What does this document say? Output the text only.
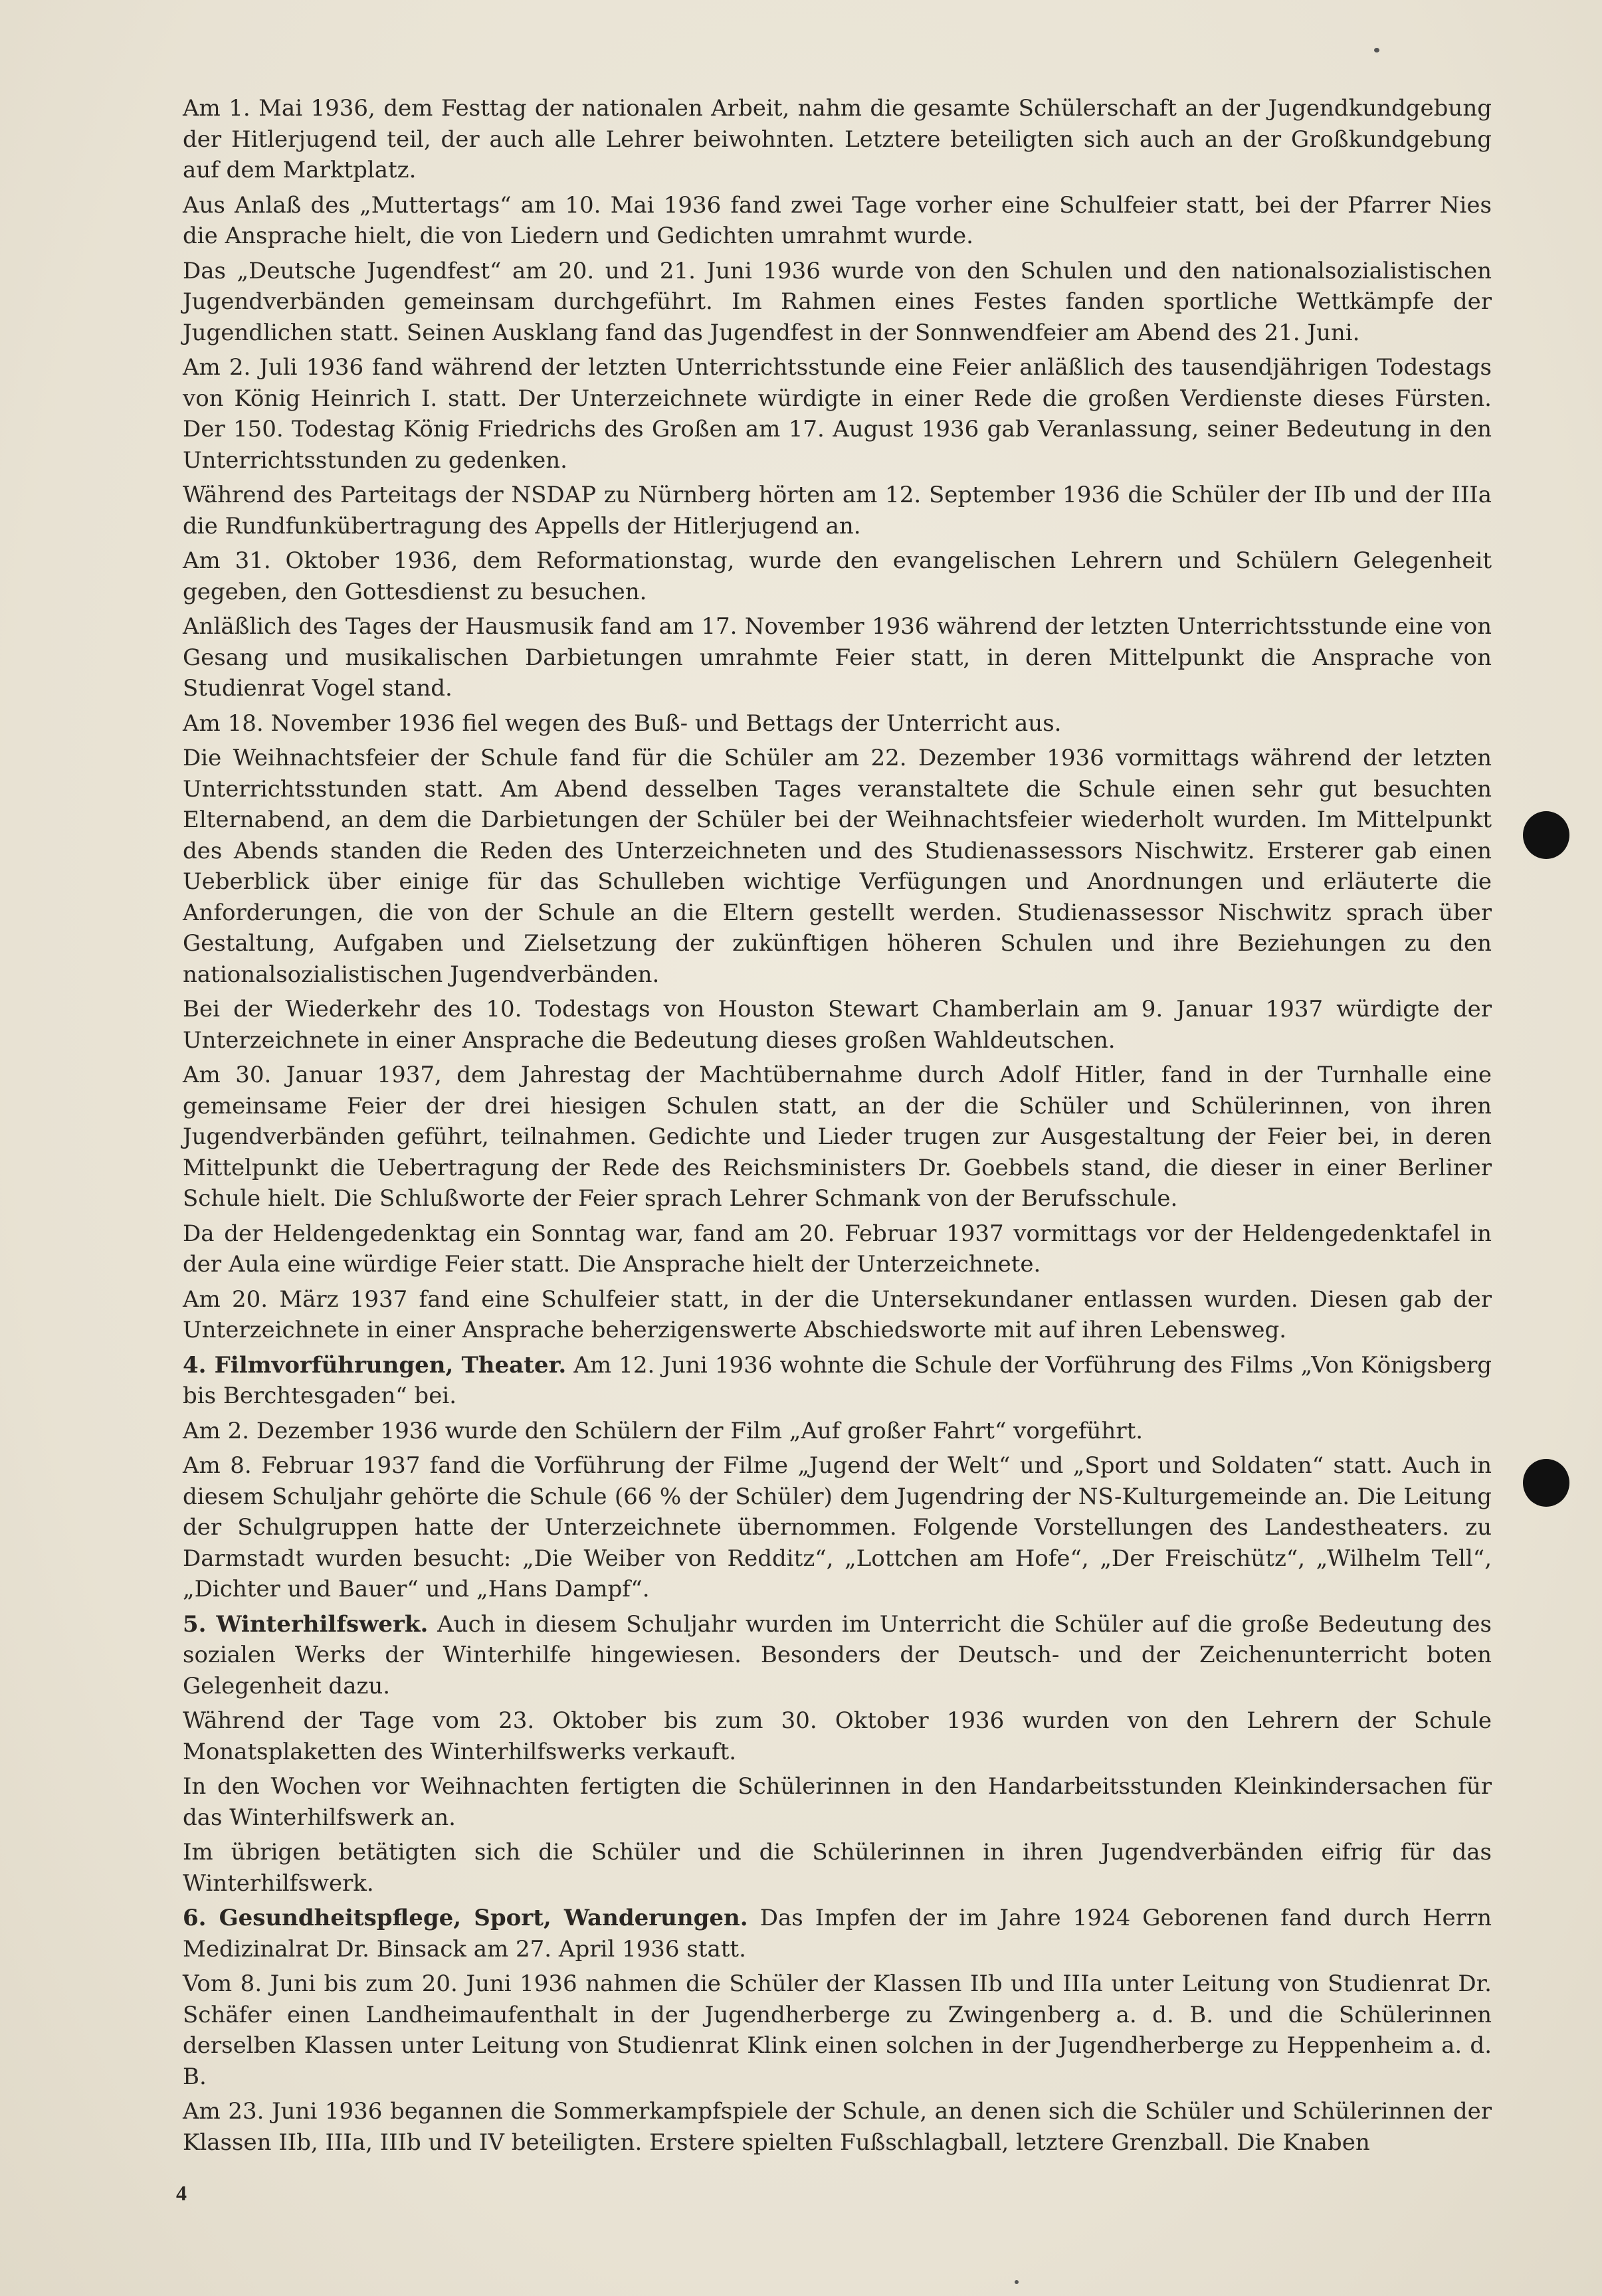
Am 1. Mai 1936, dem Festtag der nationalen Arbeit, nahm die gesamte Schülerschaft an der Jugendkundgebung der Hitlerjugend teil, der auch alle Lehrer beiwohnten. Letztere beteiligten sich auch an der Großkundgebung auf dem Marktplatz.

Aus Anlaß des „Muttertags“ am 10. Mai 1936 fand zwei Tage vorher eine Schulfeier statt, bei der Pfarrer Nies die Ansprache hielt, die von Liedern und Gedichten umrahmt wurde.

Das „Deutsche Jugendfest“ am 20. und 21. Juni 1936 wurde von den Schulen und den nationalsozialistischen Jugendverbänden gemeinsam durchgeführt. Im Rahmen eines Festes fanden sportliche Wettkämpfe der Jugendlichen statt. Seinen Ausklang fand das Jugendfest in der Sonnwendfeier am Abend des 21. Juni.

Am 2. Juli 1936 fand während der letzten Unterrichtsstunde eine Feier anläßlich des tausendjährigen Todestags von König Heinrich I. statt. Der Unterzeichnete würdigte in einer Rede die großen Verdienste dieses Fürsten. Der 150. Todestag König Friedrichs des Großen am 17. August 1936 gab Veranlassung, seiner Bedeutung in den Unterrichtsstunden zu gedenken.

Während des Parteitags der NSDAP zu Nürnberg hörten am 12. September 1936 die Schüler der IIb und der IIIa die Rundfunkübertragung des Appells der Hitlerjugend an.

Am 31. Oktober 1936, dem Reformationstag, wurde den evangelischen Lehrern und Schülern Gelegenheit gegeben, den Gottesdienst zu besuchen.

Anläßlich des Tages der Hausmusik fand am 17. November 1936 während der letzten Unterrichtsstunde eine von Gesang und musikalischen Darbietungen umrahmte Feier statt, in deren Mittelpunkt die Ansprache von Studienrat Vogel stand.

Am 18. November 1936 fiel wegen des Buß- und Bettags der Unterricht aus.

Die Weihnachtsfeier der Schule fand für die Schüler am 22. Dezember 1936 vormittags während der letzten Unterrichtsstunden statt. Am Abend desselben Tages veranstaltete die Schule einen sehr gut besuchten Elternabend, an dem die Darbietungen der Schüler bei der Weihnachtsfeier wiederholt wurden. Im Mittelpunkt des Abends standen die Reden des Unterzeichneten und des Studienassessors Nischwitz. Ersterer gab einen Ueberblick über einige für das Schulleben wichtige Verfügungen und Anordnungen und erläuterte die Anforderungen, die von der Schule an die Eltern gestellt werden. Studienassessor Nischwitz sprach über Gestaltung, Aufgaben und Zielsetzung der zukünftigen höheren Schulen und ihre Beziehungen zu den nationalsozialistischen Jugendverbänden.

Bei der Wiederkehr des 10. Todestags von Houston Stewart Chamberlain am 9. Januar 1937 würdigte der Unterzeichnete in einer Ansprache die Bedeutung dieses großen Wahldeutschen.

Am 30. Januar 1937, dem Jahrestag der Machtübernahme durch Adolf Hitler, fand in der Turnhalle eine gemeinsame Feier der drei hiesigen Schulen statt, an der die Schüler und Schülerinnen, von ihren Jugendverbänden geführt, teilnahmen. Gedichte und Lieder trugen zur Ausgestaltung der Feier bei, in deren Mittelpunkt die Uebertragung der Rede des Reichsministers Dr. Goebbels stand, die dieser in einer Berliner Schule hielt. Die Schlußworte der Feier sprach Lehrer Schmank von der Berufsschule.

Da der Heldengedenktag ein Sonntag war, fand am 20. Februar 1937 vormittags vor der Heldengedenktafel in der Aula eine würdige Feier statt. Die Ansprache hielt der Unterzeichnete.

Am 20. März 1937 fand eine Schulfeier statt, in der die Untersekundaner entlassen wurden. Diesen gab der Unterzeichnete in einer Ansprache beherzigenswerte Abschiedsworte mit auf ihren Lebensweg.

4. Filmvorführungen, Theater. Am 12. Juni 1936 wohnte die Schule der Vorführung des Films „Von Königsberg bis Berchtesgaden“ bei.

Am 2. Dezember 1936 wurde den Schülern der Film „Auf großer Fahrt“ vorgeführt.

Am 8. Februar 1937 fand die Vorführung der Filme „Jugend der Welt“ und „Sport und Soldaten“ statt. Auch in diesem Schuljahr gehörte die Schule (66 % der Schüler) dem Jugendring der NS-Kulturgemeinde an. Die Leitung der Schulgruppen hatte der Unterzeichnete übernommen. Folgende Vorstellungen des Landestheaters. zu Darmstadt wurden besucht: „Die Weiber von Redditz“, „Lottchen am Hofe“, „Der Freischütz“, „Wilhelm Tell“, „Dichter und Bauer“ und „Hans Dampf“.

5. Winterhilfswerk. Auch in diesem Schuljahr wurden im Unterricht die Schüler auf die große Bedeutung des sozialen Werks der Winterhilfe hingewiesen. Besonders der Deutsch- und der Zeichenunterricht boten Gelegenheit dazu.

Während der Tage vom 23. Oktober bis zum 30. Oktober 1936 wurden von den Lehrern der Schule Monatsplaketten des Winterhilfswerks verkauft.

In den Wochen vor Weihnachten fertigten die Schülerinnen in den Handarbeitsstunden Kleinkindersachen für das Winterhilfswerk an.

Im übrigen betätigten sich die Schüler und die Schülerinnen in ihren Jugendverbänden eifrig für das Winterhilfswerk.

6. Gesundheitspflege, Sport, Wanderungen. Das Impfen der im Jahre 1924 Geborenen fand durch Herrn Medizinalrat Dr. Binsack am 27. April 1936 statt.

Vom 8. Juni bis zum 20. Juni 1936 nahmen die Schüler der Klassen IIb und IIIa unter Leitung von Studienrat Dr. Schäfer einen Landheimaufenthalt in der Jugendherberge zu Zwingenberg a. d. B. und die Schülerinnen derselben Klassen unter Leitung von Studienrat Klink einen solchen in der Jugendherberge zu Heppenheim a. d. B.

Am 23. Juni 1936 begannen die Sommerkampfspiele der Schule, an denen sich die Schüler und Schülerinnen der Klassen IIb, IIIa, IIIb und IV beteiligten. Erstere spielten Fußschlagball, letztere Grenzball. Die Knaben

4
